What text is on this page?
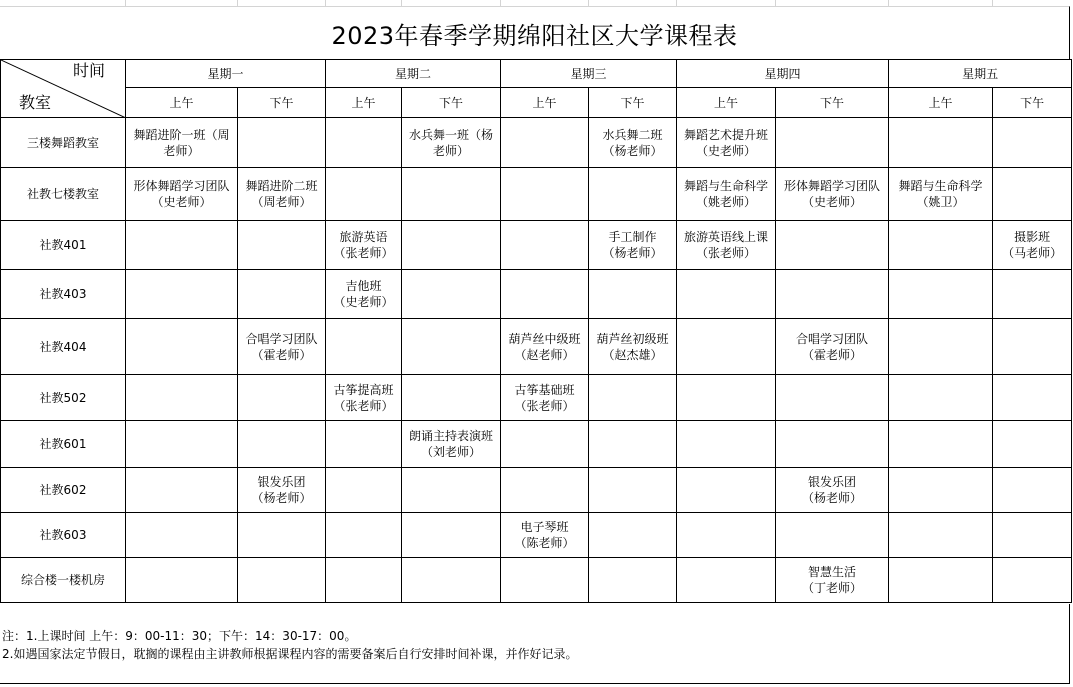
2023年春季学期绵阳社区大学课程表
时间
教室	星期一		星期二		星期三		星期四		星期五	
	上午	下午	上午	下午	上午	下午	上午	下午	上午	下午
三楼舞蹈教室	舞蹈进阶一班（周
老师）			水兵舞一班（杨
老师）		水兵舞二班
（杨老师）	舞蹈艺术提升班
（史老师）			

社教七楼教室	形体舞蹈学习团队
（史老师）	舞蹈进阶二班
（周老师）					舞蹈与生命科学
（姚老师）	形体舞蹈学习团队
（史老师）	舞蹈与生命科学
（姚卫）	

社教401			旅游英语
（张老师）			手工制作
（杨老师）	旅游英语线上课
（张老师）			摄影班
（马老师）

社教403			吉他班
（史老师）							

社教404		合唱学习团队
（霍老师）			葫芦丝中级班
（赵老师）	葫芦丝初级班
（赵杰雄）		合唱学习团队
（霍老师）		

社教502			古筝提高班
（张老师）		古筝基础班
（张老师）					

社教601				朗诵主持表演班
（刘老师）						

社教602		银发乐团
（杨老师）						银发乐团
（杨老师）		

社教603					电子琴班
（陈老师）					

综合楼一楼机房								智慧生活
（丁老师）		

注：1.上课时间 上午：9：00-11：30；下午：14：30-17：00。
2.如遇国家法定节假日，耽搁的课程由主讲教师根据课程内容的需要备案后自行安排时间补课，并作好记录。
